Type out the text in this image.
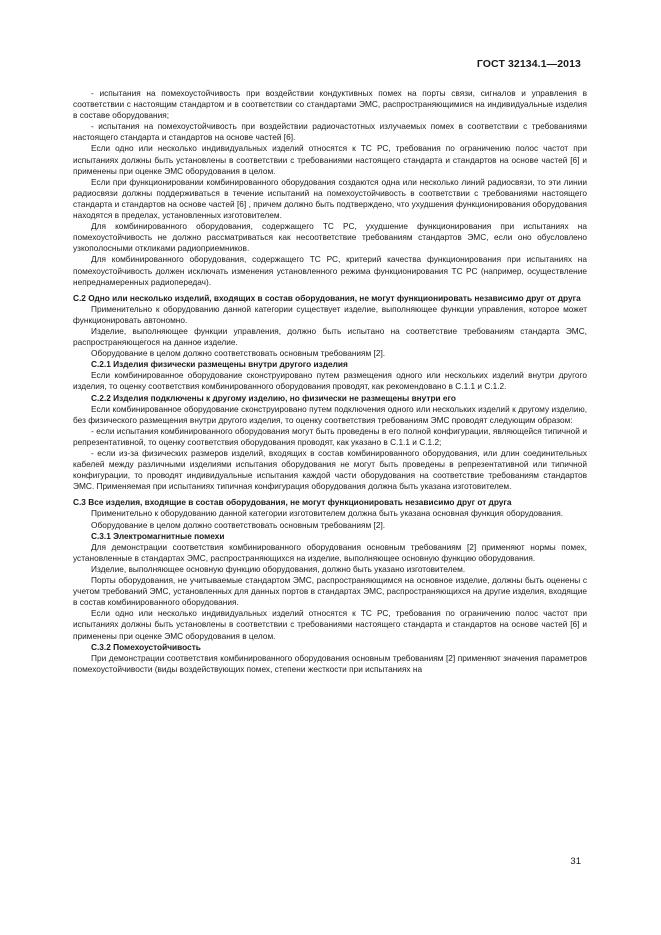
ГОСТ 32134.1—2013

- испытания на помехоустойчивость при воздействии кондуктивных помех на порты связи, сигналов и управления в соответствии с настоящим стандартом и в соответствии со стандартами ЭМС, распространяющимися на индивидуальные изделия в составе оборудования;

- испытания на помехоустойчивость при воздействии радиочастотных излучаемых помех в соответствии с требованиями настоящего стандарта и стандартов на основе частей [6].

Если одно или несколько индивидуальных изделий относятся к ТС РС, требования по ограничению полос частот при испытаниях должны быть установлены в соответствии с требованиями настоящего стандарта и стандартов на основе частей [6] и применены при оценке ЭМС оборудования в целом.

Если при функционировании комбинированного оборудования создаются одна или несколько линий радиосвязи, то эти линии радиосвязи должны поддерживаться в течение испытаний на помехоустойчивость в соответствии с требованиями настоящего стандарта и стандартов на основе частей [6] , причем должно быть подтверждено, что ухудшения функционирования оборудования находятся в пределах, установленных изготовителем.

Для комбинированного оборудования, содержащего ТС РС, ухудшение функционирования при испытаниях на помехоустойчивость не должно рассматриваться как несоответствие требованиям стандартов ЭМС, если оно обусловлено узкополосными откликами радиоприемников.

Для комбинированного оборудования, содержащего ТС РС, критерий качества функционирования при испытаниях на помехоустойчивость должен исключать изменения установленного режима функционирования ТС РС (например, осуществление непреднамеренных радиопередач).

С.2 Одно или несколько изделий, входящих в состав оборудования, не могут функционировать независимо друг от друга

Применительно к оборудованию данной категории существует изделие, выполняющее функции управления, которое может функционировать автономно.

Изделие, выполняющее функции управления, должно быть испытано на соответствие требованиям стандарта ЭМС, распространяющегося на данное изделие.

Оборудование в целом должно соответствовать основным требованиям [2].

С.2.1 Изделия физически размещены внутри другого изделия

Если комбинированное оборудование сконструировано путем размещения одного или нескольких изделий внутри другого изделия, то оценку соответствия комбинированного оборудования проводят, как рекомендовано в С.1.1 и С.1.2.

С.2.2 Изделия подключены к другому изделию, но физически не размещены внутри его

Если комбинированное оборудование сконструировано путем подключения одного или нескольких изделий к другому изделию, без физического размещения внутри другого изделия, то оценку соответствия требованиям ЭМС проводят следующим образом:

- если испытания комбинированного оборудования могут быть проведены в его полной конфигурации, являющейся типичной и репрезентативной, то оценку соответствия оборудования проводят, как указано в С.1.1 и С.1.2;

- если из-за физических размеров изделий, входящих в состав комбинированного оборудования, или длин соединительных кабелей между различными изделиями испытания оборудования не могут быть проведены в репрезентативной или типичной конфигурации, то проводят индивидуальные испытания каждой части оборудования на соответствие требованиям стандартов ЭМС. Применяемая при испытаниях типичная конфигурация оборудования должна быть указана изготовителем.

С.3 Все изделия, входящие в состав оборудования, не могут функционировать независимо друг от друга

Применительно к оборудованию данной категории изготовителем должна быть указана основная функция оборудования.

Оборудование в целом должно соответствовать основным требованиям [2].

С.3.1 Электромагнитные помехи

Для демонстрации соответствия комбинированного оборудования основным требованиям [2] применяют нормы помех, установленные в стандартах ЭМС, распространяющихся на изделие, выполняющее основную функцию оборудования.

Изделие, выполняющее основную функцию оборудования, должно быть указано изготовителем.

Порты оборудования, не учитываемые стандартом ЭМС, распространяющимся на основное изделие, должны быть оценены с учетом требований ЭМС, установленных для данных портов в стандартах ЭМС, распространяющихся на другие изделия, входящие в состав комбинированного оборудования.

Если одно или несколько индивидуальных изделий относятся к ТС РС, требования по ограничению полос частот при испытаниях должны быть установлены в соответствии с требованиями настоящего стандарта и стандартов на основе частей [6] и применены при оценке ЭМС оборудования в целом.

С.3.2 Помехоустойчивость

При демонстрации соответствия комбинированного оборудования основным требованиям [2] применяют значения параметров помехоустойчивости (виды воздействующих помех, степени жесткости при испытаниях на

31
